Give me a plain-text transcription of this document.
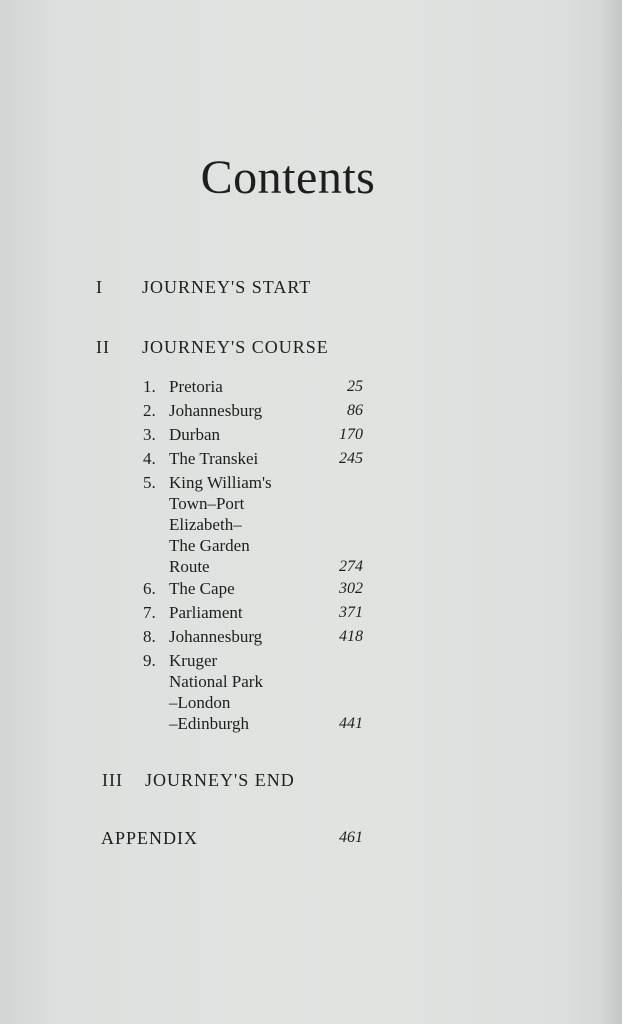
Contents
I JOURNEY'S START
II JOURNEY'S COURSE
1. Pretoria	25
2. Johannesburg	86
3. Durban	170
4. The Transkei	245
5. King William's
Town–Port
Elizabeth–
The Garden
Route	274
6. The Cape	302
7. Parliament	371
8. Johannesburg	418
9. Kruger
National Park
–London
–Edinburgh	441
III JOURNEY'S END
APPENDIX	461
